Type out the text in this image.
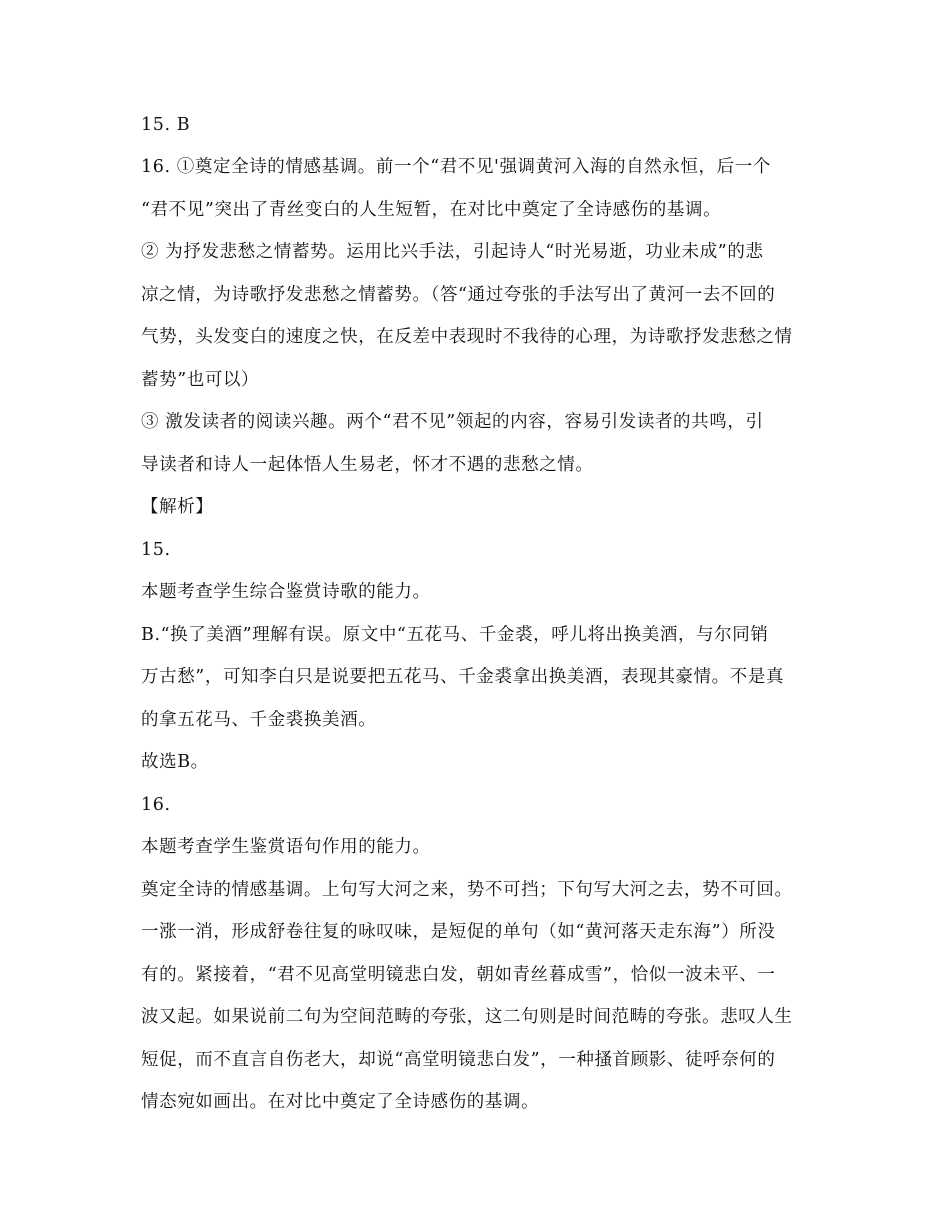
15. B
16. ①奠定全诗的情感基调。前一个“君不见'强调黄河入海的自然永恒，后一个
“君不见”突出了青丝变白的人生短暂，在对比中奠定了全诗感伤的基调。
② 为抒发悲愁之情蓄势。运用比兴手法，引起诗人“时光易逝，功业未成”的悲
凉之情，为诗歌抒发悲愁之情蓄势。（答“通过夸张的手法写出了黄河一去不回的
气势，头发变白的速度之快，在反差中表现时不我待的心理，为诗歌抒发悲愁之情
蓄势”也可以）
③ 激发读者的阅读兴趣。两个“君不见”领起的内容，容易引发读者的共鸣，引
导读者和诗人一起体悟人生易老，怀才不遇的悲愁之情。
【解析】
15.
本题考查学生综合鉴赏诗歌的能力。
B.“换了美酒”理解有误。原文中“五花马、千金裘，呼儿将出换美酒，与尔同销
万古愁”，可知李白只是说要把五花马、千金裘拿出换美酒，表现其豪情。不是真
的拿五花马、千金裘换美酒。
故选B。
16.
本题考查学生鉴赏语句作用的能力。
奠定全诗的情感基调。上句写大河之来，势不可挡；下句写大河之去，势不可回。
一涨一消，形成舒卷往复的咏叹味，是短促的单句（如“黄河落天走东海”）所没
有的。紧接着，“君不见高堂明镜悲白发，朝如青丝暮成雪”，恰似一波未平、一
波又起。如果说前二句为空间范畴的夸张，这二句则是时间范畴的夸张。悲叹人生
短促，而不直言自伤老大，却说“高堂明镜悲白发”，一种搔首顾影、徒呼奈何的
情态宛如画出。在对比中奠定了全诗感伤的基调。
